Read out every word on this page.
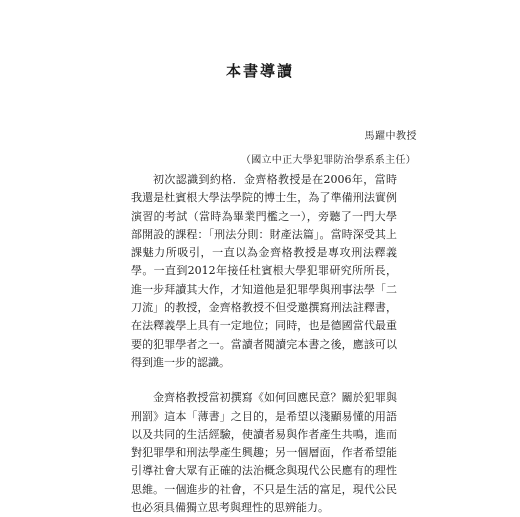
本書導讀
馬躍中教授
（國立中正大學犯罪防治學系系主任）

初次認識到約格．金齊格教授是在2006年，當時我還是杜賓根大學法學院的博士生，為了準備刑法實例演習的考試（當時為畢業門檻之一），旁聽了一門大學部開設的課程：「刑法分則：財產法篇」。當時深受其上課魅力所吸引，一直以為金齊格教授是專攻刑法釋義學。一直到2012年接任杜賓根大學犯罪研究所所長，進一步拜讀其大作，才知道他是犯罪學與刑事法學「二刀流」的教授，金齊格教授不但受邀撰寫刑法註釋書，在法釋義學上具有一定地位；同時，也是德國當代最重要的犯罪學者之一。當讀者閱讀完本書之後，應該可以得到進一步的認識。

金齊格教授當初撰寫《如何回應民意？關於犯罪與刑罰》這本「薄書」之目的，是希望以淺顯易懂的用語以及共同的生活經驗，使讀者易與作者產生共鳴，進而對犯罪學和刑法學產生興趣；另一個層面，作者希望能引導社會大眾有正確的法治概念與現代公民應有的理性思維。一個進步的社會，不只是生活的富足，現代公民也必須具備獨立思考與理性的思辨能力。
